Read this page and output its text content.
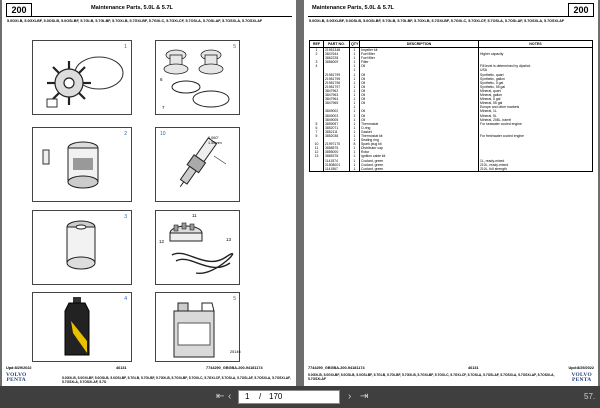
200	Maintenance Parts, 5.0L & 5.7L
5.0GXi-B, 5.0GXi-BF, 5.0OSi-B, 5.0OSi-BF, 5.7Gi-B, 5.7Gi-BF, 5.7GXi-B, 5.7GXi-BF, 5.7GXi-C, 5.7GXi-CF, 5.7OSi-A, 5.7OSi-AF, 5.7OSXi-A, 5.7OSXi-AF
1	5
6
7
2	10
0.060"
1.50mm
3	11
12	13
4	5
25146
Upd:8/29/2022	46131	7744290_GBGBA-200-94181174
VOLVO
PENTA	5.0GXi-B, 5.0GXi-BF, 5.0OSi-B, 5.0OSi-BF, 5.7Gi-B, 5.7Gi-BF, 5.7GXi-B, 5.7GXi-BF, 5.7GXi-C, 5.7GXi-CF, 5.7OSi-A, 5.7OSi-AF, 5.7OSXi-A, 5.7OSXi-AF, 5.7OSXi-A, 5.7OSXi-AF, 5.7O
Maintenance Parts, 5.0L & 5.7L	200
5.0GXi-B, 5.0GXi-BF, 5.0OSi-B, 5.0OSi-BF, 5.7Gi-B, 5.7Gi-BF, 5.7GXi-B, 5.7GXi-BF, 5.7GXi-C, 5.7GXi-CF, 5.7OSi-A, 5.7OSi-AF, 5.7OSXi-A, 5.7OSXi-AF
REF	PART NO.	QTY	DESCRIPTION	NOTES
1	21951348	1	Impeller kit	
2	3847644	1	Fuel filter	Higher capacity
	3862228	1	Fuel filter	
3	3856009	1	Filter	
4		1	Oil	Fill level is determined by dipstick
		1		USA
	21981799	1	Oil	Synthetic, quart
	21981795	1	Oil	Synthetic, gallon
	21981796	1	Oil	Synthetic, 5 gal
	21981797	1	Oil	Synthetic, 55 gal
	3847962	1	Oil	Mineral, quart
	3847963	1	Oil	Mineral, gallon
	3847964	1	Oil	Mineral, 5 gal
	3847965	1	Oil	Mineral, 55 gal
		1		Europe and other markets
	3849002	1	Oil	Mineral, 1L
	3849003	1	Oil	Mineral, 5L
	3849005	1	Oil	Mineral, 208L, barrel
5	3859057	1	Thermostat	For seawater cooled engine
6	3852071	1	O-ring	
7	3852111	1	Gasket	
5	3852038	1	Thermostat kit	For freshwater cooled engine
		1	Sealing ring	
10	21997170	8	Spark plug kit	
11	3858575	1	Distributor cap	
12	3855000	1	Rotor	
13	3865378	1	Ignition cable kit	
	1141574	1	Coolant, green	1L, ready-mixed
	21808001	1	Coolant, green	210L, ready-mixed
	1141567	1	Coolant, green	210L, full strength
7744290_GBGBA-200-94181174	46131	Upd:8/29/2022
5.0GXi-B, 5.0GXi-BF, 5.0OSi-B, 5.0OSi-BF, 5.7Gi-B, 5.7Gi-BF, 5.7GXi-B, 5.7GXi-BF, 5.7GXi-C, 5.7GXi-CF, 5.7OSi-A, 5.7OSi-AF, 5.7OSXi-A, 5.7OSXi-AF, 5.7OSXi-A, 5.7OSXi-AF
VOLVO
PENTA
⇤ ‹ 1 / 170	› ⇥	57.
